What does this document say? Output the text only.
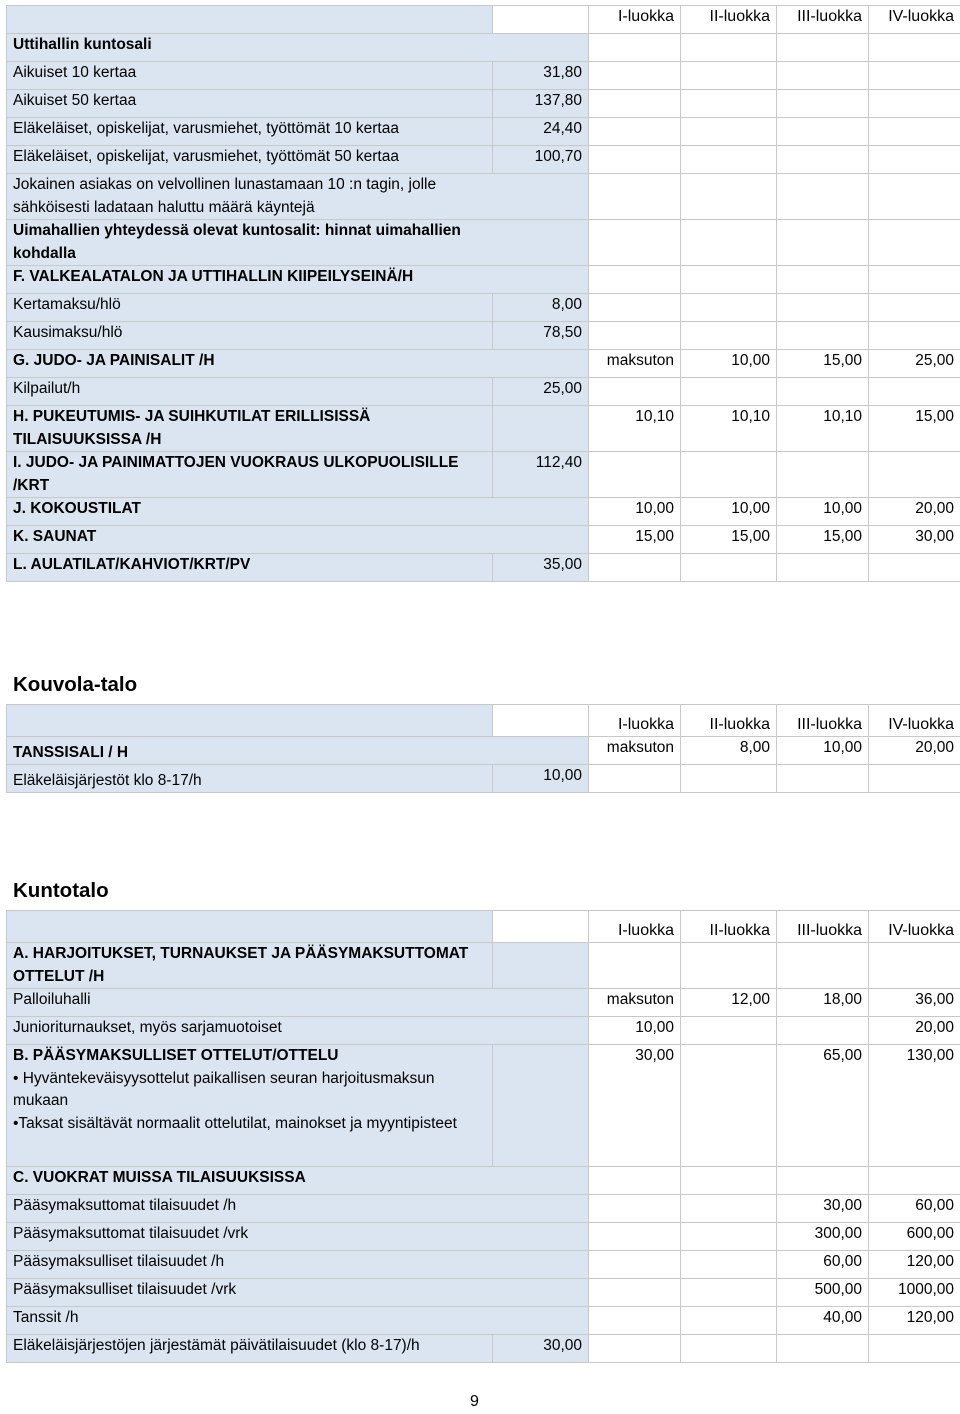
		I-luokka	II-luokka	III-luokka	IV-luokka
Uttihallin kuntosali					
Aikuiset 10 kertaa	31,80				
Aikuiset 50 kertaa	137,80				
Eläkeläiset, opiskelijat, varusmiehet, työttömät 10 kertaa	24,40				
Eläkeläiset, opiskelijat, varusmiehet, työttömät 50 kertaa	100,70				
Jokainen asiakas on velvollinen lunastamaan 10 :n tagin, jolle sähköisesti ladataan haluttu määrä käyntejä					
Uimahallien yhteydessä olevat kuntosalit: hinnat uimahallien kohdalla					
F. VALKEALATALON JA UTTIHALLIN KIIPEILYSEINÄ/H					
Kertamaksu/hlö	8,00				
Kausimaksu/hlö	78,50				
G. JUDO- JA PAINISALIT /H		maksuton	10,00	15,00	25,00
Kilpailut/h	25,00				
H. PUKEUTUMIS- JA SUIHKUTILAT ERILLISISSÄ TILAISUUKSISSA /H		10,10	10,10	10,10	15,00
I. JUDO- JA PAINIMATTOJEN VUOKRAUS ULKOPUOLISILLE /KRT	112,40				
J. KOKOUSTILAT		10,00	10,00	10,00	20,00
K. SAUNAT		15,00	15,00	15,00	30,00
L. AULATILAT/KAHVIOT/KRT/PV	35,00				
Kouvola-talo
		I-luokka	II-luokka	III-luokka	IV-luokka
TANSSISALI / H		maksuton	8,00	10,00	20,00
Eläkeläisjärjestöt klo 8-17/h	10,00				
Kuntotalo
		I-luokka	II-luokka	III-luokka	IV-luokka
A. HARJOITUKSET, TURNAUKSET JA PÄÄSYMAKSUTTOMAT OTTELUT /H					
Palloiluhalli		maksuton	12,00	18,00	36,00
Junioriturnaukset, myös sarjamuotoiset		10,00			20,00

B. PÄÄSYMAKSULLISET OTTELUT/OTTELU
• Hyväntekeväisyysottelut paikallisen seuran harjoitusmaksun mukaan
•Taksat sisältävät normaalit ottelutilat, mainokset ja myyntipisteet		30,00		65,00	130,00
C. VUOKRAT MUISSA TILAISUUKSISSA					
Pääsymaksuttomat tilaisuudet /h				30,00	60,00
Pääsymaksuttomat tilaisuudet /vrk				300,00	600,00
Pääsymaksulliset tilaisuudet /h				60,00	120,00
Pääsymaksulliset tilaisuudet /vrk				500,00	1000,00
Tanssit /h				40,00	120,00
Eläkeläisjärjestöjen järjestämät päivätilaisuudet (klo 8-17)/h	30,00				
9
